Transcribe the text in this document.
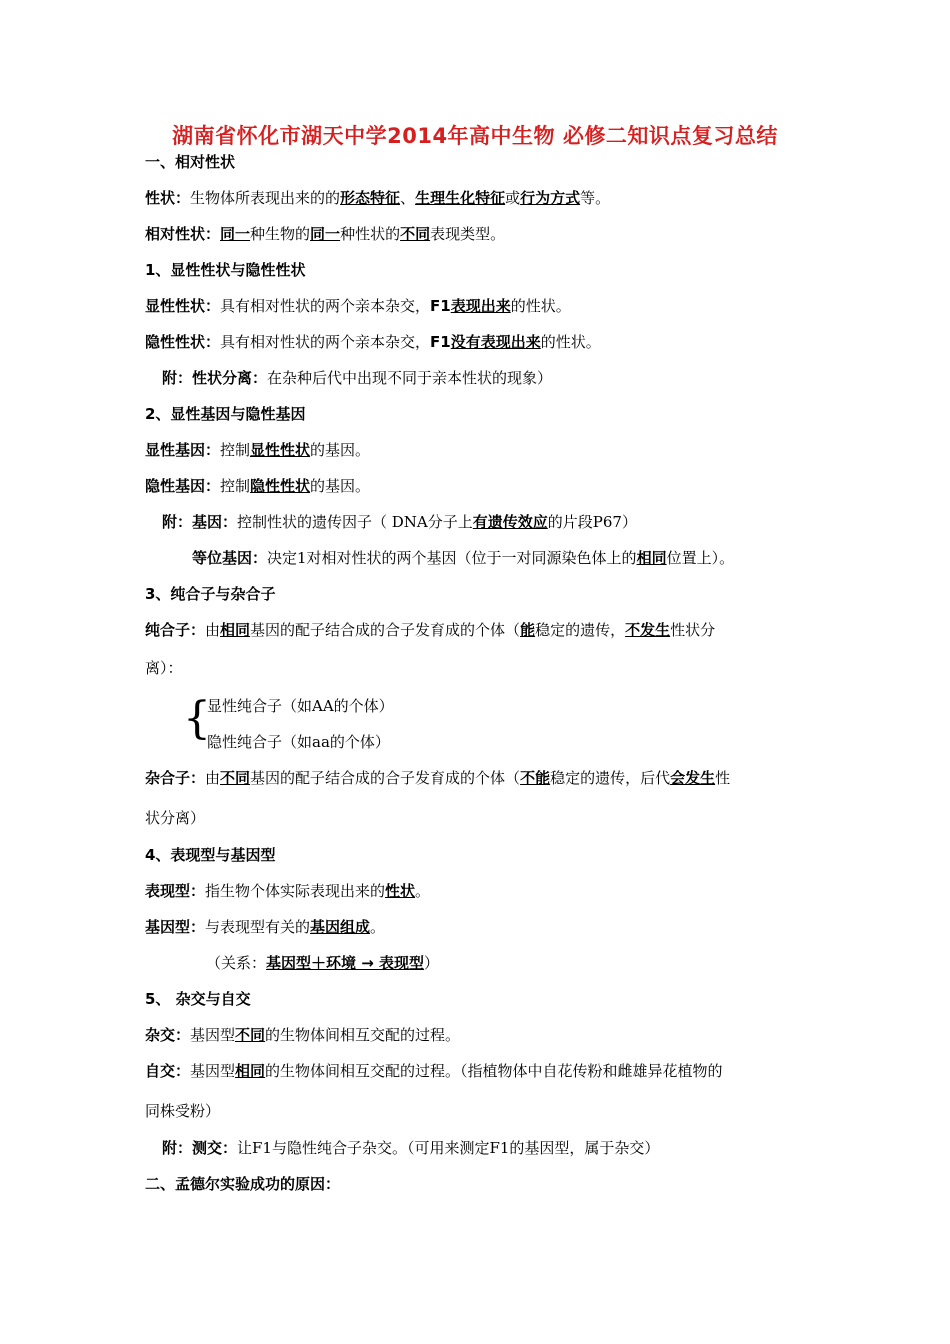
湖南省怀化市湖天中学2014年高中生物 必修二知识点复习总结
一、相对性状
性状：生物体所表现出来的的形态特征、生理生化特征或行为方式等。
相对性状：同一种生物的同一种性状的不同表现类型。
1、显性性状与隐性性状
显性性状：具有相对性状的两个亲本杂交，F1表现出来的性状。
隐性性状：具有相对性状的两个亲本杂交，F1没有表现出来的性状。
附：性状分离：在杂种后代中出现不同于亲本性状的现象）
2、显性基因与隐性基因
显性基因：控制显性性状的基因。
隐性基因：控制隐性性状的基因。
附：基因：控制性状的遗传因子（ DNA分子上有遗传效应的片段P67）
等位基因：决定1对相对性状的两个基因（位于一对同源染色体上的相同位置上）。
3、纯合子与杂合子
纯合子：由相同基因的配子结合成的合子发育成的个体（能稳定的遗传，不发生性状分
离）：
{
显性纯合子（如AA的个体）
隐性纯合子（如aa的个体）
杂合子：由不同基因的配子结合成的合子发育成的个体（不能稳定的遗传，后代会发生性
状分离）
4、表现型与基因型
表现型：指生物个体实际表现出来的性状。
基因型：与表现型有关的基因组成。
（关系：基因型＋环境 → 表现型）
5、 杂交与自交
杂交：基因型不同的生物体间相互交配的过程。
自交：基因型相同的生物体间相互交配的过程。（指植物体中自花传粉和雌雄异花植物的
同株受粉）
附：测交：让F1与隐性纯合子杂交。（可用来测定F1的基因型，属于杂交）
二、孟德尔实验成功的原因：
